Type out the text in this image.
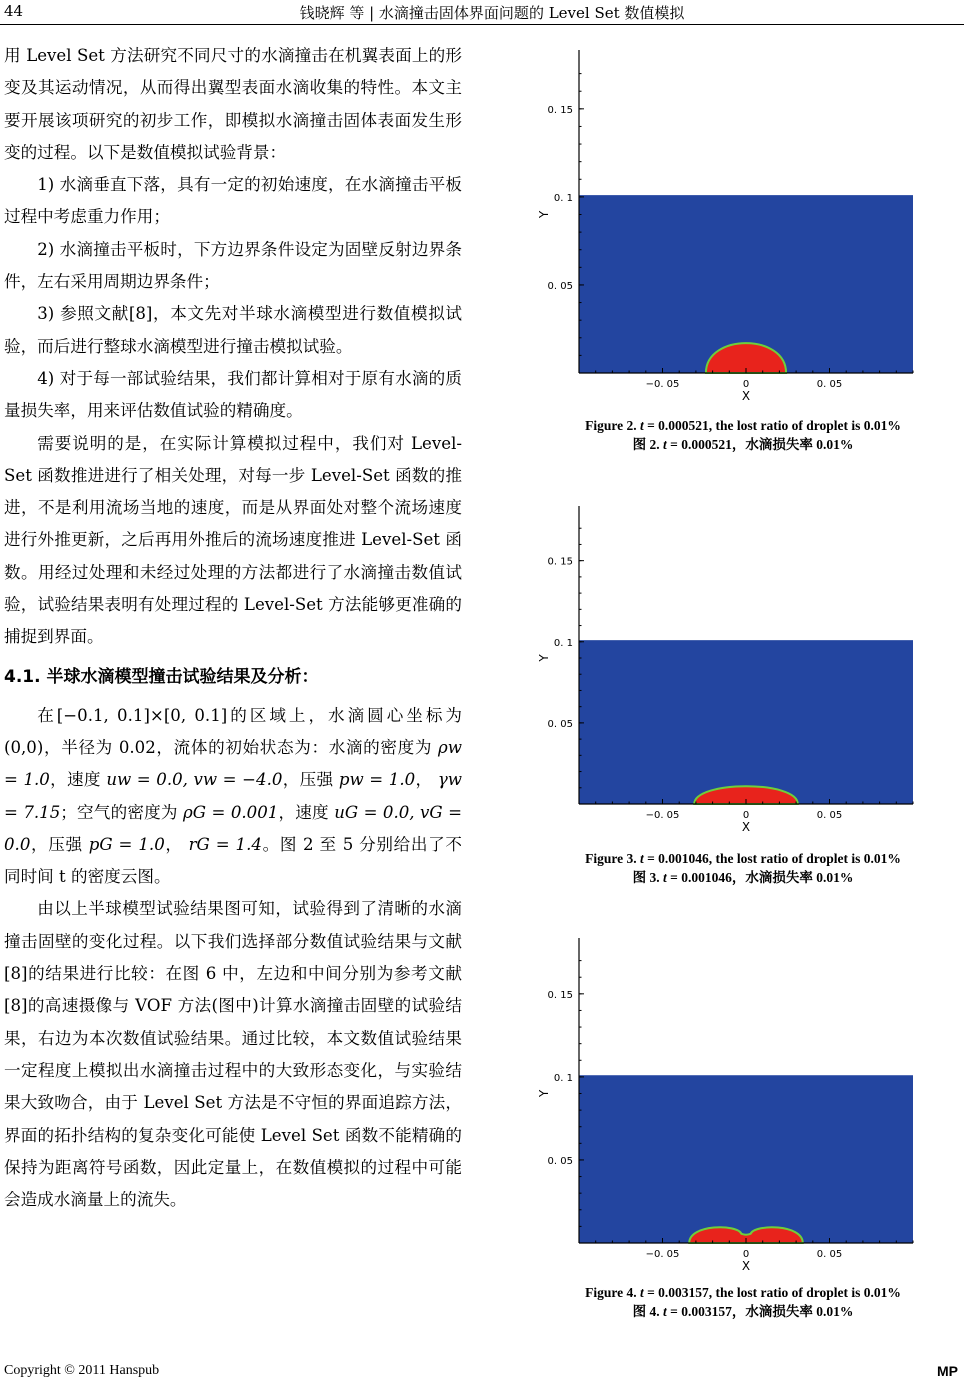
44	钱晓辉 等 | 水滴撞击固体界面问题的 Level Set 数值模拟

用 Level Set 方法研究不同尺寸的水滴撞击在机翼表面上的形变及其运动情况，从而得出翼型表面水滴收集的特性。本文主要开展该项研究的初步工作，即模拟水滴撞击固体表面发生形变的过程。以下是数值模拟试验背景：

1) 水滴垂直下落，具有一定的初始速度，在水滴撞击平板过程中考虑重力作用；

2) 水滴撞击平板时，下方边界条件设定为固壁反射边界条件，左右采用周期边界条件；

3) 参照文献[8]，本文先对半球水滴模型进行数值模拟试验，而后进行整球水滴模型进行撞击模拟试验。

4) 对于每一部试验结果，我们都计算相对于原有水滴的质量损失率，用来评估数值试验的精确度。

需要说明的是，在实际计算模拟过程中，我们对 Level-Set 函数推进进行了相关处理，对每一步 Level-Set 函数的推进，不是利用流场当地的速度，而是从界面处对整个流场速度进行外推更新，之后再用外推后的流场速度推进 Level-Set 函数。用经过处理和未经过处理的方法都进行了水滴撞击数值试验，试验结果表明有处理过程的 Level-Set 方法能够更准确的捕捉到界面。

4.1. 半球水滴模型撞击试验结果及分析：

在[−0.1, 0.1]×[0, 0.1]的区域上，水滴圆心坐标为(0,0)，半径为 0.02，流体的初始状态为：水滴的密度为 ρw = 1.0，速度 uw = 0.0, vw = −4.0，压强 pw = 1.0， γw = 7.15；空气的密度为 ρG = 0.001，速度 uG = 0.0, vG = 0.0，压强 pG = 1.0， rG = 1.4。图 2 至 5 分别给出了不同时间 t 的密度云图。

由以上半球模型试验结果图可知，试验得到了清晰的水滴撞击固壁的变化过程。以下我们选择部分数值试验结果与文献[8]的结果进行比较：在图 6 中，左边和中间分别为参考文献[8]的高速摄像与 VOF 方法(图中)计算水滴撞击固壁的试验结果，右边为本次数值试验结果。通过比较，本文数值试验结果一定程度上模拟出水滴撞击过程中的大致形态变化，与实验结果大致吻合，由于 Level Set 方法是不守恒的界面追踪方法，界面的拓扑结构的复杂变化可能使 Level Set 函数不能精确的保持为距离符号函数，因此定量上，在数值模拟的过程中可能会造成水滴量上的流失。

−0. 05	0	0. 05
0. 05
0. 1
0. 15
X
Y
Figure 2. t = 0.000521, the lost ratio of droplet is 0.01%
图 2. t = 0.000521，水滴损失率 0.01%
−0. 05	0	0. 05
0. 05
0. 1
0. 15
X
Y
Figure 3. t = 0.001046, the lost ratio of droplet is 0.01%
图 3. t = 0.001046，水滴损失率 0.01%
−0. 05	0	0. 05
0. 05
0. 1
0. 15
X
Y
Figure 4. t = 0.003157, the lost ratio of droplet is 0.01%
图 4. t = 0.003157，水滴损失率 0.01%
Copyright © 2011 Hanspub	MP
